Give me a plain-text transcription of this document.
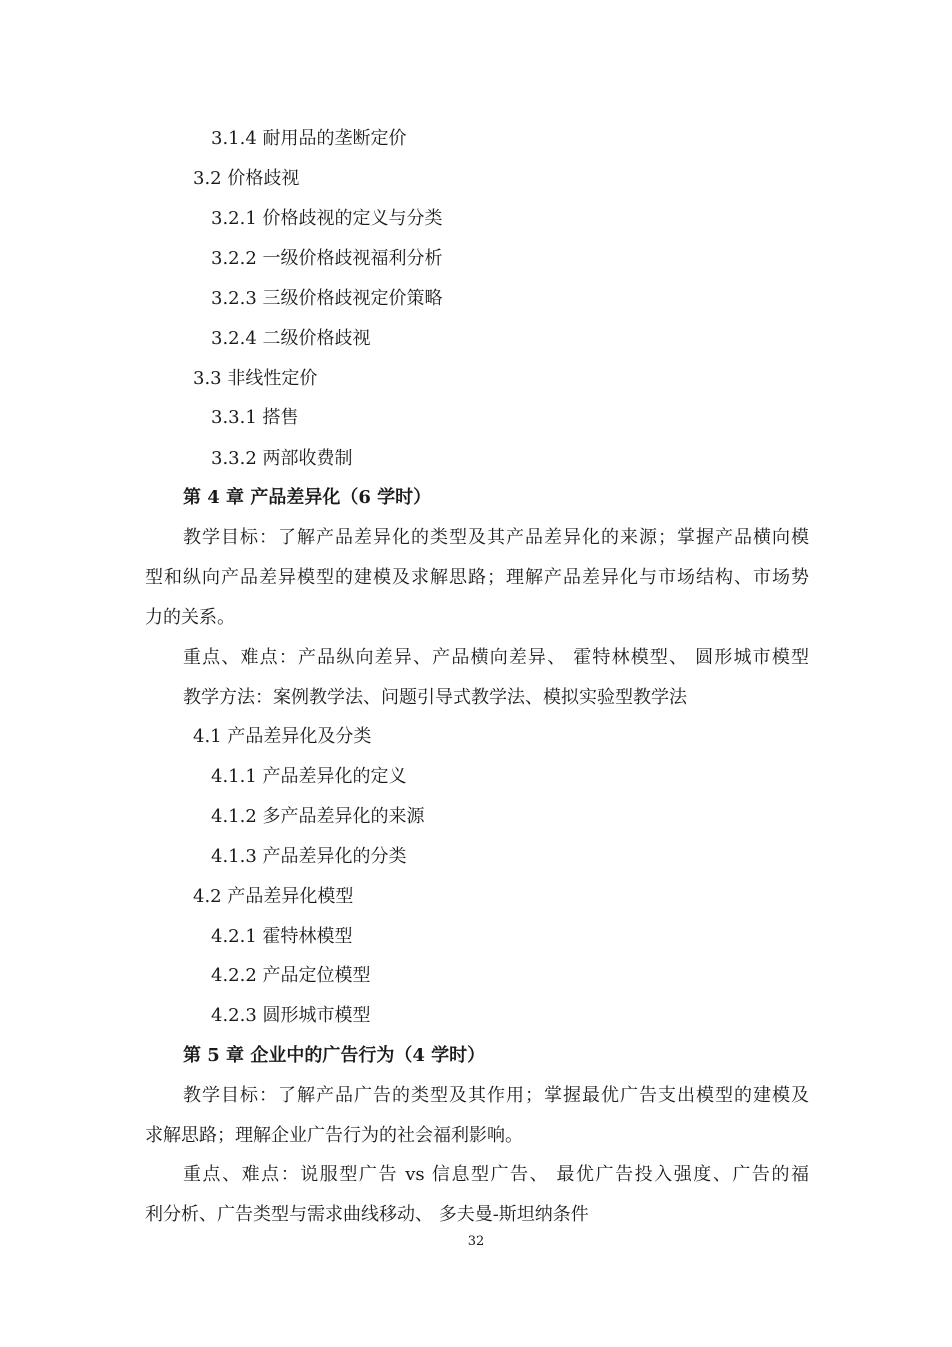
3.1.4 耐用品的垄断定价
3.2 价格歧视
3.2.1 价格歧视的定义与分类
3.2.2 一级价格歧视福利分析
3.2.3 三级价格歧视定价策略
3.2.4 二级价格歧视
3.3 非线性定价
3.3.1 搭售
3.3.2 两部收费制
第 4 章 产品差异化（6 学时）
教学目标：了解产品差异化的类型及其产品差异化的来源；掌握产品横向模
型和纵向产品差异模型的建模及求解思路；理解产品差异化与市场结构、市场势
力的关系。
重点、难点：产品纵向差异、产品横向差异、 霍特林模型、 圆形城市模型
教学方法：案例教学法、问题引导式教学法、模拟实验型教学法
4.1 产品差异化及分类
4.1.1 产品差异化的定义
4.1.2 多产品差异化的来源
4.1.3 产品差异化的分类
4.2 产品差异化模型
4.2.1 霍特林模型
4.2.2 产品定位模型
4.2.3 圆形城市模型
第 5 章 企业中的广告行为（4 学时）
教学目标：了解产品广告的类型及其作用；掌握最优广告支出模型的建模及
求解思路；理解企业广告行为的社会福利影响。
重点、难点：说服型广告 vs 信息型广告、 最优广告投入强度、广告的福
利分析、广告类型与需求曲线移动、 多夫曼-斯坦纳条件
32
